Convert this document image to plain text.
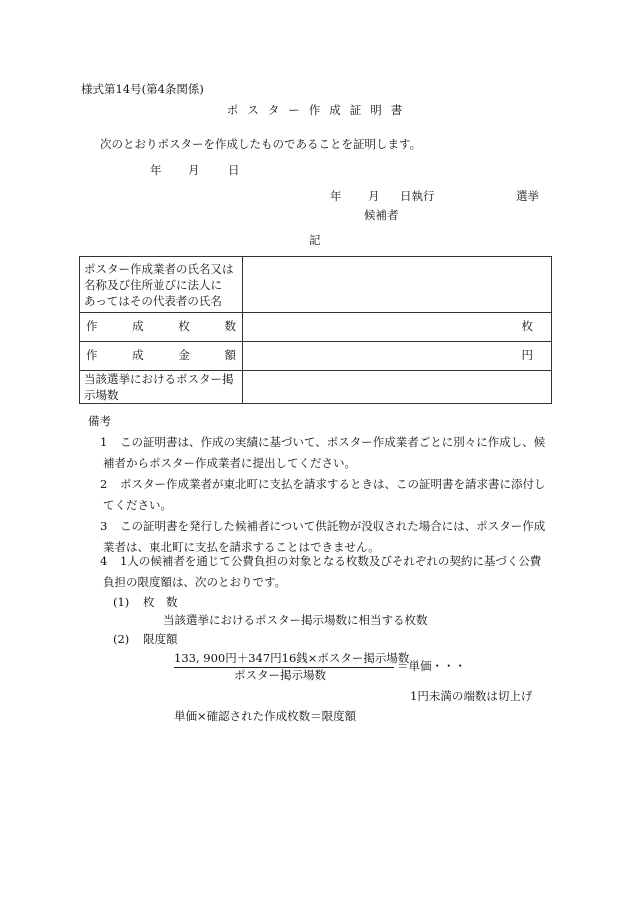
様式第14号(第4条関係)
ポスター作成証明書
次のとおりポスターを作成したものであることを証明します。
年 月 日
年 月 日執行	選挙
候補者
記
ポスター作成業者の氏名又は
名称及び住所並びに法人に
あってはその代表者の氏名	

作 成 枚 数	枚

作 成 金 額	円

当該選挙におけるポスター掲
示場数	

備考
1 この証明書は、作成の実績に基づいて、ポスター作成業者ごとに別々に作成し、候
補者からポスター作成業者に提出してください。
2 ポスター作成業者が東北町に支払を請求するときは、この証明書を請求書に添付し
てください。
3 この証明書を発行した候補者について供託物が没収された場合には、ポスター作成
業者は、東北町に支払を請求することはできません。
4 1人の候補者を通じて公費負担の対象となる枚数及びそれぞれの契約に基づく公費
負担の限度額は、次のとおりです。
(1) 枚　数
当該選挙におけるポスター掲示場数に相当する枚数
(2) 限度額
133, 900円＋347円16銭×ポスター掲示場数
ポスター掲示場数
＝単価・・・
1円未満の端数は切上げ
単価×確認された作成枚数＝限度額
